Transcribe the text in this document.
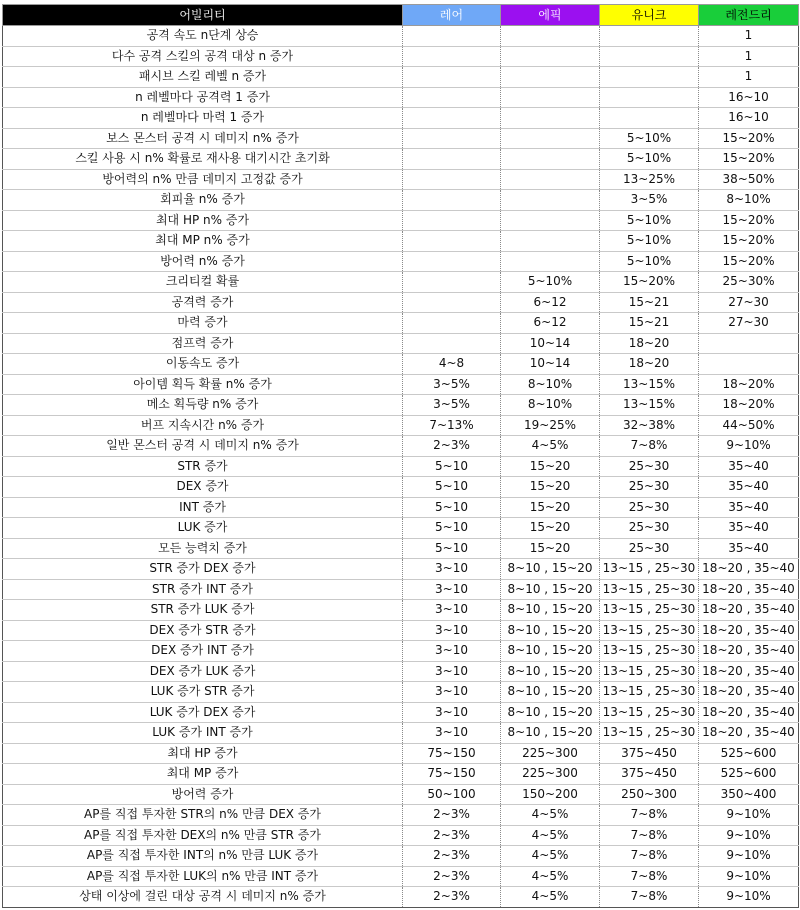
어빌리티	레어	에픽	유니크	레전드리
공격 속도 n단계 상승				1
다수 공격 스킬의 공격 대상 n 증가				1
패시브 스킬 레벨 n 증가				1
n 레벨마다 공격력 1 증가				16~10
n 레벨마다 마력 1 증가				16~10
보스 몬스터 공격 시 데미지 n% 증가			5~10%	15~20%
스킬 사용 시 n% 확률로 재사용 대기시간 초기화			5~10%	15~20%
방어력의 n% 만큼 데미지 고정값 증가			13~25%	38~50%
회피율 n% 증가			3~5%	8~10%
최대 HP n% 증가			5~10%	15~20%
최대 MP n% 증가			5~10%	15~20%
방어력 n% 증가			5~10%	15~20%
크리티컬 확률		5~10%	15~20%	25~30%
공격력 증가		6~12	15~21	27~30
마력 증가		6~12	15~21	27~30
점프력 증가		10~14	18~20	
이동속도 증가	4~8	10~14	18~20	
아이템 획득 확률 n% 증가	3~5%	8~10%	13~15%	18~20%
메소 획득량 n% 증가	3~5%	8~10%	13~15%	18~20%
버프 지속시간 n% 증가	7~13%	19~25%	32~38%	44~50%
일반 몬스터 공격 시 데미지 n% 증가	2~3%	4~5%	7~8%	9~10%
STR 증가	5~10	15~20	25~30	35~40
DEX 증가	5~10	15~20	25~30	35~40
INT 증가	5~10	15~20	25~30	35~40
LUK 증가	5~10	15~20	25~30	35~40
모든 능력치 증가	5~10	15~20	25~30	35~40
STR 증가 DEX 증가	3~10	8~10 , 15~20	13~15 , 25~30	18~20 , 35~40
STR 증가 INT 증가	3~10	8~10 , 15~20	13~15 , 25~30	18~20 , 35~40
STR 증가 LUK 증가	3~10	8~10 , 15~20	13~15 , 25~30	18~20 , 35~40
DEX 증가 STR 증가	3~10	8~10 , 15~20	13~15 , 25~30	18~20 , 35~40
DEX 증가 INT 증가	3~10	8~10 , 15~20	13~15 , 25~30	18~20 , 35~40
DEX 증가 LUK 증가	3~10	8~10 , 15~20	13~15 , 25~30	18~20 , 35~40
LUK 증가 STR 증가	3~10	8~10 , 15~20	13~15 , 25~30	18~20 , 35~40
LUK 증가 DEX 증가	3~10	8~10 , 15~20	13~15 , 25~30	18~20 , 35~40
LUK 증가 INT 증가	3~10	8~10 , 15~20	13~15 , 25~30	18~20 , 35~40
최대 HP 증가	75~150	225~300	375~450	525~600
최대 MP 증가	75~150	225~300	375~450	525~600
방어력 증가	50~100	150~200	250~300	350~400
AP를 직접 투자한 STR의 n% 만큼 DEX 증가	2~3%	4~5%	7~8%	9~10%
AP를 직접 투자한 DEX의 n% 만큼 STR 증가	2~3%	4~5%	7~8%	9~10%
AP를 직접 투자한 INT의 n% 만큼 LUK 증가	2~3%	4~5%	7~8%	9~10%
AP를 직접 투자한 LUK의 n% 만큼 INT 증가	2~3%	4~5%	7~8%	9~10%
상태 이상에 걸린 대상 공격 시 데미지 n% 증가	2~3%	4~5%	7~8%	9~10%
